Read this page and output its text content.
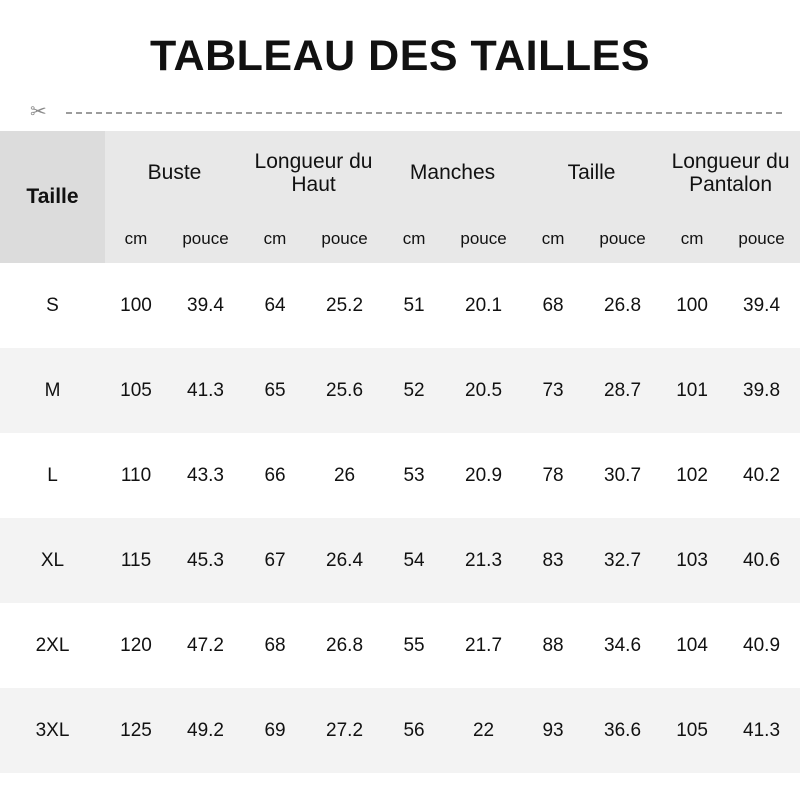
TABLEAU DES TAILLES
✂
Taille	Buste		Longueur du Haut		Manches		Taille		Longueur du Pantalon	
	cm	pouce	cm	pouce	cm	pouce	cm	pouce	cm	pouce
S	100	39.4	64	25.2	51	20.1	68	26.8	100	39.4
M	105	41.3	65	25.6	52	20.5	73	28.7	101	39.8
L	110	43.3	66	26	53	20.9	78	30.7	102	40.2
XL	115	45.3	67	26.4	54	21.3	83	32.7	103	40.6
2XL	120	47.2	68	26.8	55	21.7	88	34.6	104	40.9
3XL	125	49.2	69	27.2	56	22	93	36.6	105	41.3
